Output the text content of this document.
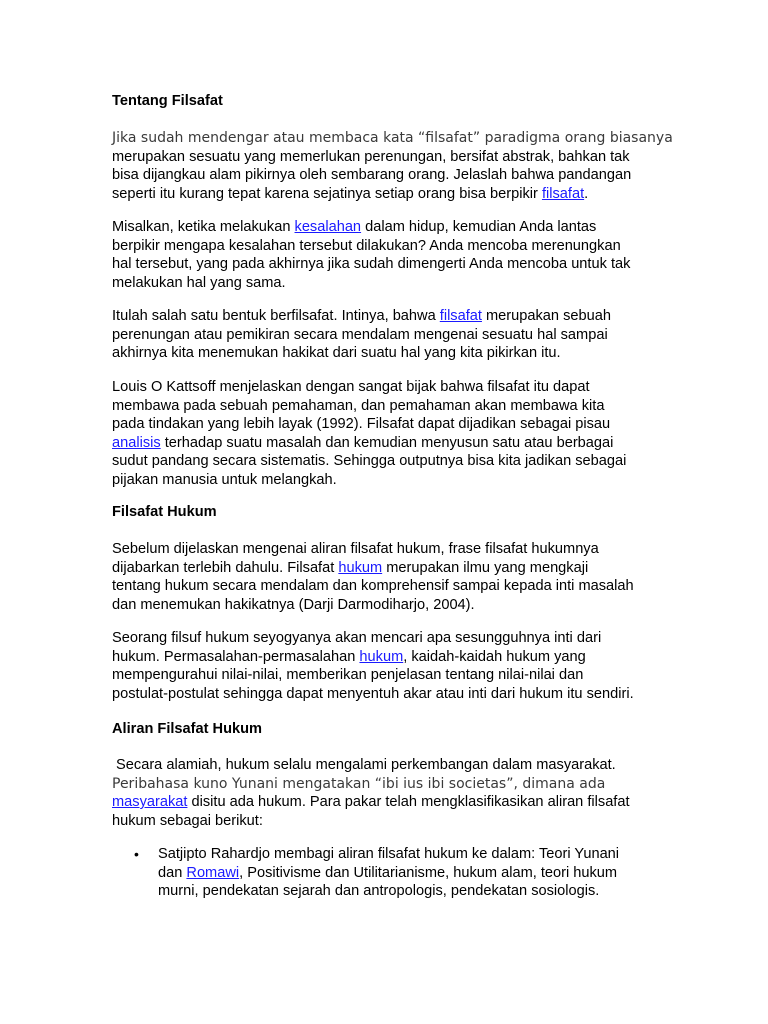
Tentang Filsafat
Jika sudah mendengar atau membaca kata “filsafat” paradigma orang biasanya
merupakan sesuatu yang memerlukan perenungan, bersifat abstrak, bahkan tak
bisa dijangkau alam pikirnya oleh sembarang orang. Jelaslah bahwa pandangan
seperti itu kurang tepat karena sejatinya setiap orang bisa berpikir filsafat.
Misalkan, ketika melakukan kesalahan dalam hidup, kemudian Anda lantas
berpikir mengapa kesalahan tersebut dilakukan? Anda mencoba merenungkan
hal tersebut, yang pada akhirnya jika sudah dimengerti Anda mencoba untuk tak
melakukan hal yang sama.
Itulah salah satu bentuk berfilsafat. Intinya, bahwa filsafat merupakan sebuah
perenungan atau pemikiran secara mendalam mengenai sesuatu hal sampai
akhirnya kita menemukan hakikat dari suatu hal yang kita pikirkan itu.
Louis O Kattsoff menjelaskan dengan sangat bijak bahwa filsafat itu dapat
membawa pada sebuah pemahaman, dan pemahaman akan membawa kita
pada tindakan yang lebih layak (1992). Filsafat dapat dijadikan sebagai pisau
analisis terhadap suatu masalah dan kemudian menyusun satu atau berbagai
sudut pandang secara sistematis. Sehingga outputnya bisa kita jadikan sebagai
pijakan manusia untuk melangkah.
Filsafat Hukum
Sebelum dijelaskan mengenai aliran filsafat hukum, frase filsafat hukumnya
dijabarkan terlebih dahulu. Filsafat hukum merupakan ilmu yang mengkaji
tentang hukum secara mendalam dan komprehensif sampai kepada inti masalah
dan menemukan hakikatnya (Darji Darmodiharjo, 2004).
Seorang filsuf hukum seyogyanya akan mencari apa sesungguhnya inti dari
hukum. Permasalahan-permasalahan hukum, kaidah-kaidah hukum yang
mempengurahui nilai-nilai, memberikan penjelasan tentang nilai-nilai dan
postulat-postulat sehingga dapat menyentuh akar atau inti dari hukum itu sendiri.
Aliran Filsafat Hukum
Secara alamiah, hukum selalu mengalami perkembangan dalam masyarakat.
Peribahasa kuno Yunani mengatakan “ibi ius ibi societas”, dimana ada
masyarakat disitu ada hukum. Para pakar telah mengklasifikasikan aliran filsafat
hukum sebagai berikut:
• Satjipto Rahardjo membagi aliran filsafat hukum ke dalam: Teori Yunani
dan Romawi, Positivisme dan Utilitarianisme, hukum alam, teori hukum
murni, pendekatan sejarah dan antropologis, pendekatan sosiologis.
